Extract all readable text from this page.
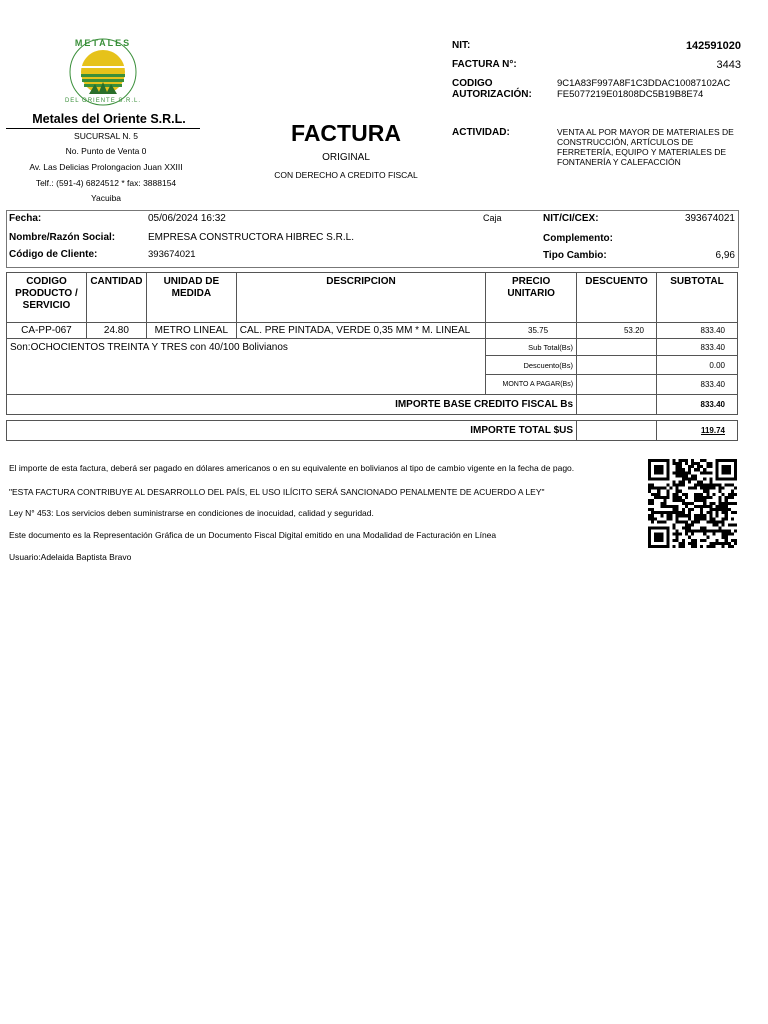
METALES
DEL ORIENTE S.R.L.
Metales del Oriente S.R.L.
SUCURSAL N. 5
No. Punto de Venta 0
Av. Las Delicias Prolongacion Juan XXIII
Telf.: (591-4) 6824512 * fax: 3888154
Yacuiba
FACTURA
ORIGINAL
CON DERECHO A CREDITO FISCAL
NIT:	142591020
FACTURA N°:	3443
CODIGO
AUTORIZACIÓN:
9C1A83F997A8F1C3DDAC10087102AC
FE5077219E01808DC5B19B8E74
ACTIVIDAD:	VENTA AL POR MAYOR DE MATERIALES DE
CONSTRUCCIÓN, ARTÍCULOS DE
FERRETERÍA, EQUIPO Y MATERIALES DE
FONTANERÍA Y CALEFACCIÓN
Fecha:	05/06/2024 16:32	Caja	NIT/CI/CEX:	393674021
Nombre/Razón Social:	EMPRESA CONSTRUCTORA HIBREC S.R.L.	Complemento:
Código de Cliente:	393674021	Tipo Cambio:	6,96
CODIGO PRODUCTO / SERVICIO	CANTIDAD	UNIDAD DE MEDIDA	DESCRIPCION	PRECIO UNITARIO	DESCUENTO	SUBTOTAL
CA-PP-067	24.80	METRO LINEAL	CAL. PRE PINTADA, VERDE 0,35 MM * M. LINEAL	35.75	53.20	833.40
Son:OCHOCIENTOS TREINTA Y TRES con 40/100 Bolivianos				Sub Total(Bs)		833.40
				Descuento(Bs)		0.00
				MONTO A PAGAR(Bs)		833.40
IMPORTE BASE CREDITO FISCAL Bs						833.40

IMPORTE TOTAL $US						119.74
El importe de esta factura, deberá ser pagado en dólares americanos o en su equivalente en bolivianos al tipo de cambio vigente en la fecha de pago.
"ESTA FACTURA CONTRIBUYE AL DESARROLLO DEL PAÍS, EL USO ILÍCITO SERÁ SANCIONADO PENALMENTE DE ACUERDO A LEY"
Ley N° 453: Los servicios deben suministrarse en condiciones de inocuidad, calidad y seguridad.
Este documento es la Representación Gráfica de un Documento Fiscal Digital emitido en una Modalidad de Facturación en Línea
Usuario:Adelaida Baptista Bravo
